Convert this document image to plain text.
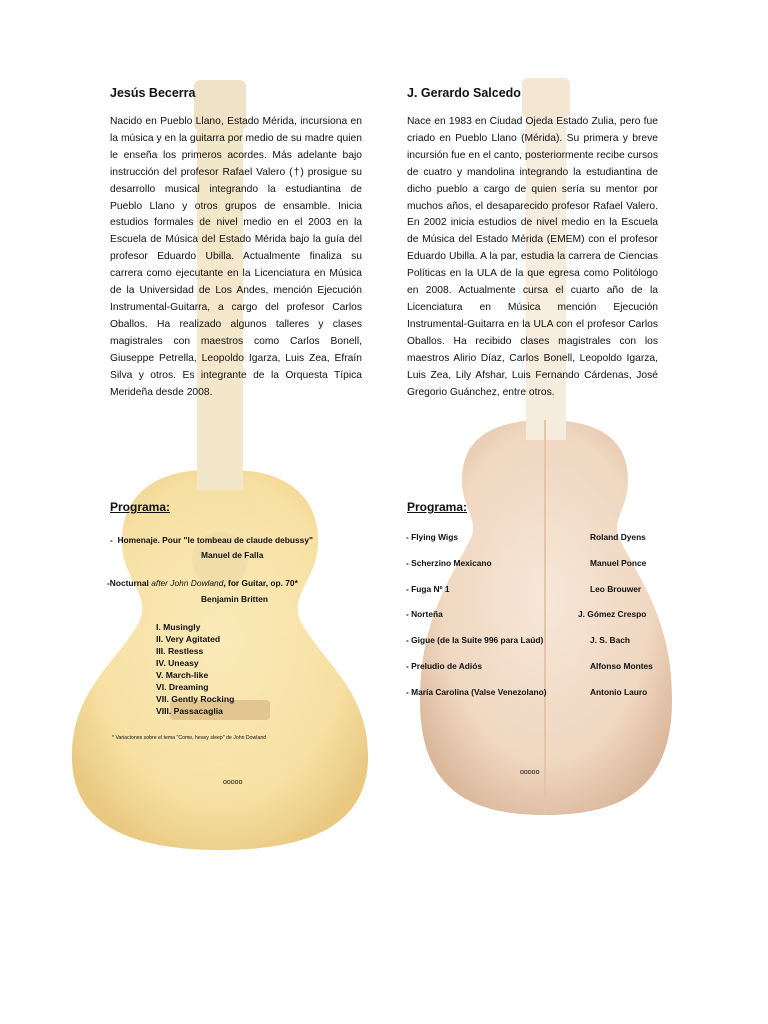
Jesús Becerra

Nacido en Pueblo Llano, Estado Mérida, incursiona en la música y en la guitarra por medio de su madre quien le enseña los primeros acordes. Más adelante bajo instrucción del profesor Rafael Valero (†) prosigue su desarrollo musical integrando la estudiantina de Pueblo Llano y otros grupos de ensamble. Inicia estudios formales de nivel medio en el 2003 en la Escuela de Música del Estado Mérida bajo la guía del profesor Eduardo Ubilla. Actualmente finaliza su carrera como ejecutante en la Licenciatura en Música de la Universidad de Los Andes, mención Ejecución Instrumental-Guitarra, a cargo del profesor Carlos Oballos. Ha realizado algunos talleres y clases magistrales con maestros como Carlos Bonell, Giuseppe Petrella, Leopoldo Igarza, Luis Zea, Efraín Silva y otros. Es integrante de la Orquesta Típica Merideña desde 2008.

Programa:
- Homenaje. Pour "le tombeau de claude debussy"
Manuel de Falla
-Nocturnal after John Dowland, for Guitar, op. 70*
Benjamin Britten
I. Musingly
II. Very Agitated
III. Restless
IV. Uneasy
V. March-like
VI. Dreaming
VII. Gently Rocking
VIII. Passacaglia
* Variaciones sobre el tema "Come, heavy sleep" de John Dowland
ooooo
J. Gerardo Salcedo

Nace en 1983 en Ciudad Ojeda Estado Zulia, pero fue criado en Pueblo Llano (Mérida). Su primera y breve incursión fue en el canto, posteriormente recibe cursos de cuatro y mandolina integrando la estudiantina de dicho pueblo a cargo de quien sería su mentor por muchos años, el desaparecido profesor Rafael Valero. En 2002 inicia estudios de nivel medio en la Escuela de Música del Estado Mérida (EMEM) con el profesor Eduardo Ubilla. A la par, estudia la carrera de Ciencias Políticas en la ULA de la que egresa como Politólogo en 2008. Actualmente cursa el cuarto año de la Licenciatura en Música mención Ejecución Instrumental-Guitarra en la ULA con el profesor Carlos Oballos. Ha recibido clases magistrales con los maestros Alirio Díaz, Carlos Bonell, Leopoldo Igarza, Luis Zea, Lily Afshar, Luis Fernando Cárdenas, José Gregorio Guánchez, entre otros.

Programa:
- Flying Wigs	Roland Dyens
- Scherzino Mexicano	Manuel Ponce
- Fuga Nº 1	Leo Brouwer
- Norteña	J. Gómez Crespo
- Gigue (de la Suite 996 para Laúd)	J. S. Bach
- Preludio de Adiós	Alfonso Montes
- María Carolina (Valse Venezolano)	Antonio Lauro
ooooo
